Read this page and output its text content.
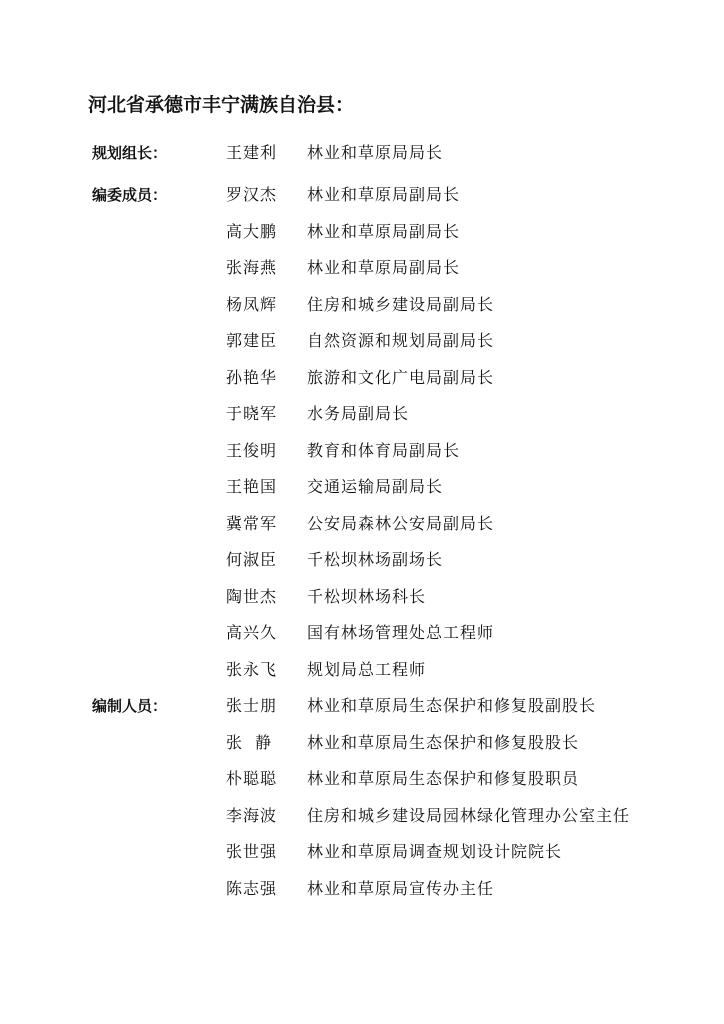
河北省承德市丰宁满族自治县：
规划组长：	王建利	林业和草原局局长
编委成员：	罗汉杰	林业和草原局副局长
高大鹏	林业和草原局副局长
张海燕	林业和草原局副局长
杨凤辉	住房和城乡建设局副局长
郭建臣	自然资源和规划局副局长
孙艳华	旅游和文化广电局副局长
于晓军	水务局副局长
王俊明	教育和体育局副局长
王艳国	交通运输局副局长
冀常军	公安局森林公安局副局长
何淑臣	千松坝林场副场长
陶世杰	千松坝林场科长
高兴久	国有林场管理处总工程师
张永飞	规划局总工程师
编制人员：	张士朋	林业和草原局生态保护和修复股副股长
张  静	林业和草原局生态保护和修复股股长
朴聪聪	林业和草原局生态保护和修复股职员
李海波	住房和城乡建设局园林绿化管理办公室主任
张世强	林业和草原局调查规划设计院院长
陈志强	林业和草原局宣传办主任
